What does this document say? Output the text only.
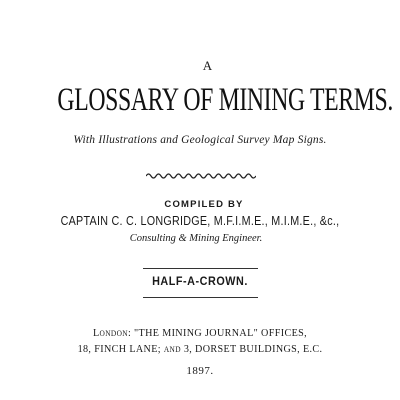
A
GLOSSARY OF MINING TERMS.
With Illustrations and Geological Survey Map Signs.
COMPILED BY
CAPTAIN C. C. LONGRIDGE, M.F.I.M.E., M.I.M.E., &c.,
Consulting & Mining Engineer.
HALF-A-CROWN.
London: "THE MINING JOURNAL" OFFICES,
18, FINCH LANE; and 3, DORSET BUILDINGS, E.C.
1897.
